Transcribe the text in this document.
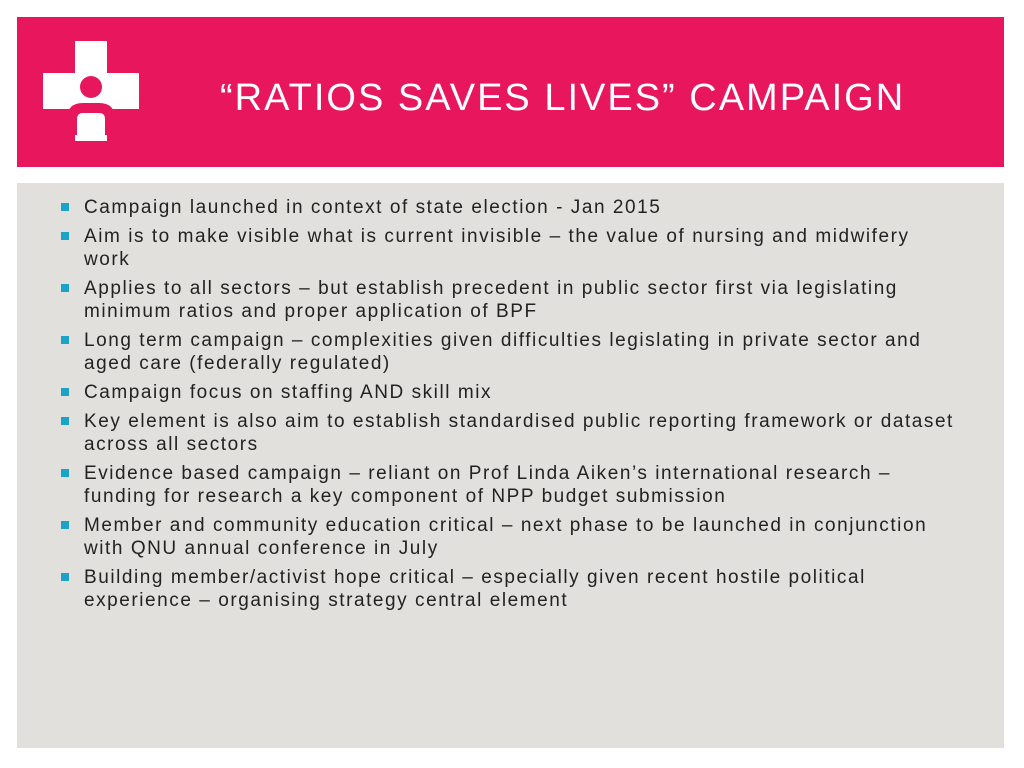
“RATIOS SAVES LIVES” CAMPAIGN
Campaign launched in context of state election - Jan 2015
Aim is to make visible what is current invisible – the value of nursing and midwifery work
Applies to all sectors – but establish precedent in public sector first via legislating minimum ratios and proper application of BPF
Long term campaign – complexities given difficulties legislating in private sector and aged care (federally regulated)
Campaign focus on staffing AND skill mix
Key element is also aim to establish standardised public reporting framework or dataset across all sectors
Evidence based campaign – reliant on Prof Linda Aiken’s international research – funding for research a key component of NPP budget submission
Member and community education critical – next phase to be launched in conjunction with QNU annual conference in July
Building member/activist hope critical – especially given recent hostile political experience – organising strategy central element
